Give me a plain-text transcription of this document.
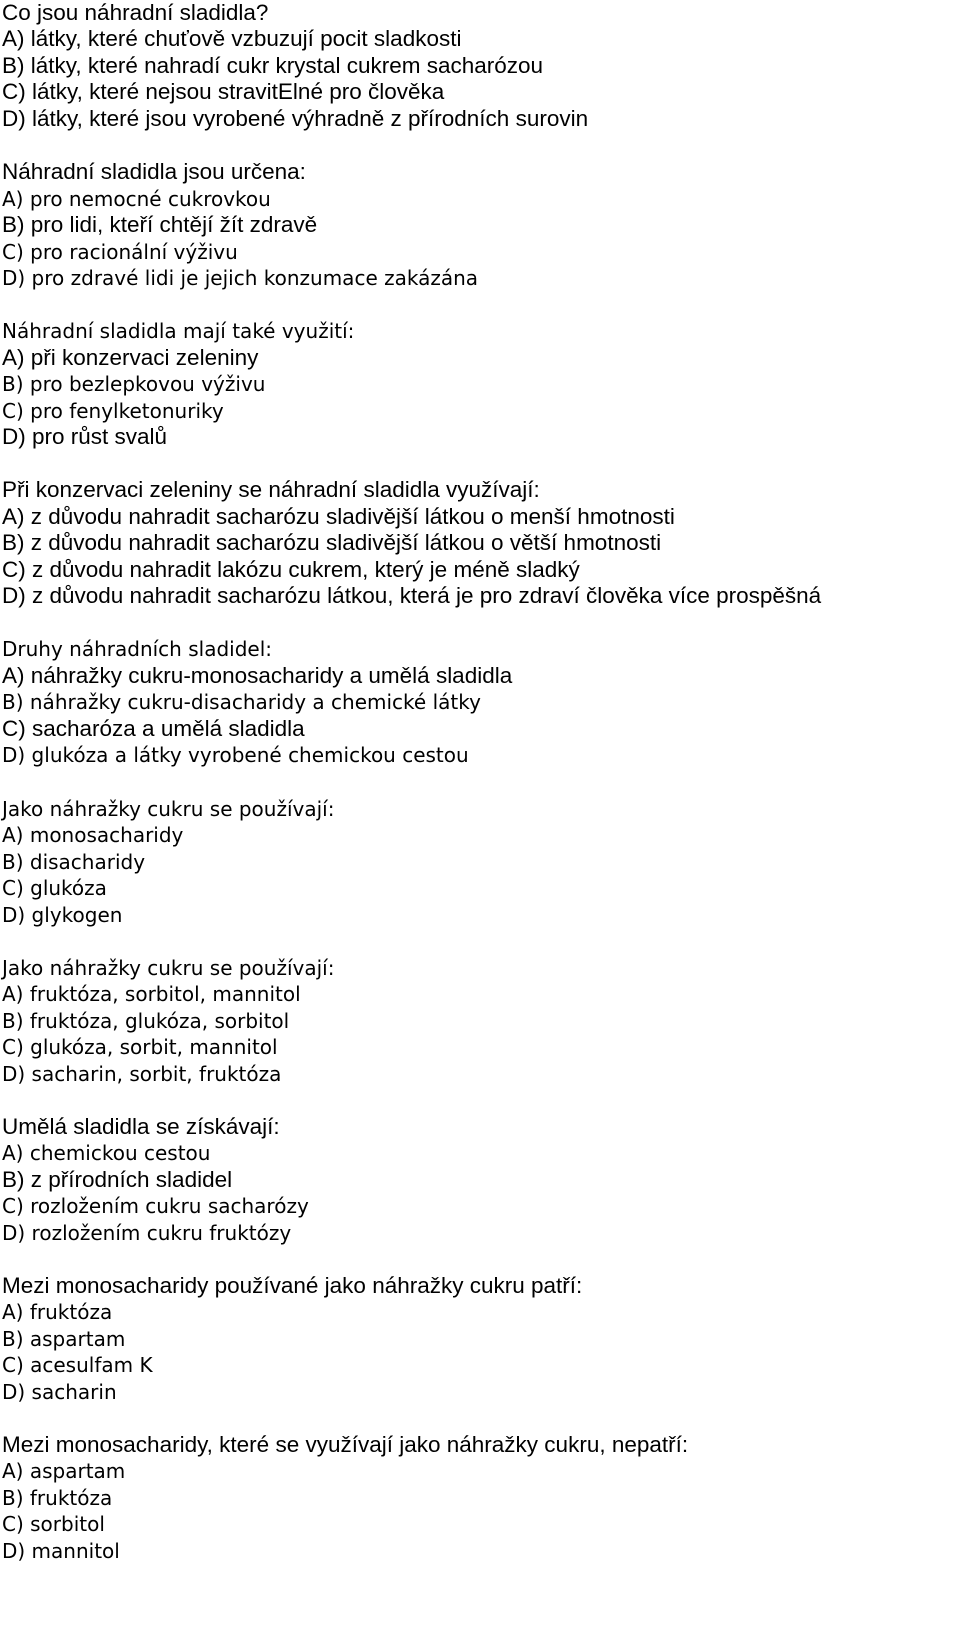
Co jsou náhradní sladidla?
A) látky, které chuťově vzbuzují pocit sladkosti
B) látky, které nahradí cukr krystal cukrem sacharózou
C) látky, které nejsou stravitElné pro člověka
D) látky, které jsou vyrobené výhradně z přírodních surovin
Náhradní sladidla jsou určena:
A) pro nemocné cukrovkou
B) pro lidi, kteří chtějí žít zdravě
C) pro racionální výživu
D) pro zdravé lidi je jejich konzumace zakázána
Náhradní sladidla mají také využití:
A) při konzervaci zeleniny
B) pro bezlepkovou výživu
C) pro fenylketonuriky
D) pro růst svalů
Při konzervaci zeleniny se náhradní sladidla využívají:
A) z důvodu nahradit sacharózu sladivější látkou o menší hmotnosti
B) z důvodu nahradit sacharózu sladivější látkou o větší hmotnosti
C) z důvodu nahradit lakózu cukrem, který je méně sladký
D) z důvodu nahradit sacharózu látkou, která je pro zdraví člověka více prospěšná
Druhy náhradních sladidel:
A) náhražky cukru-monosacharidy a umělá sladidla
B) náhražky cukru-disacharidy a chemické látky
C) sacharóza a umělá sladidla
D) glukóza a látky vyrobené chemickou cestou
Jako náhražky cukru se používají:
A) monosacharidy
B) disacharidy
C) glukóza
D) glykogen
Jako náhražky cukru se používají:
A) fruktóza, sorbitol, mannitol
B) fruktóza, glukóza, sorbitol
C) glukóza, sorbit, mannitol
D) sacharin, sorbit, fruktóza
Umělá sladidla se získávají:
A) chemickou cestou
B) z přírodních sladidel
C) rozložením cukru sacharózy
D) rozložením cukru fruktózy
Mezi monosacharidy používané jako náhražky cukru patří:
A) fruktóza
B) aspartam
C) acesulfam K
D) sacharin
Mezi monosacharidy, které se využívají jako náhražky cukru, nepatří:
A) aspartam
B) fruktóza
C) sorbitol
D) mannitol
